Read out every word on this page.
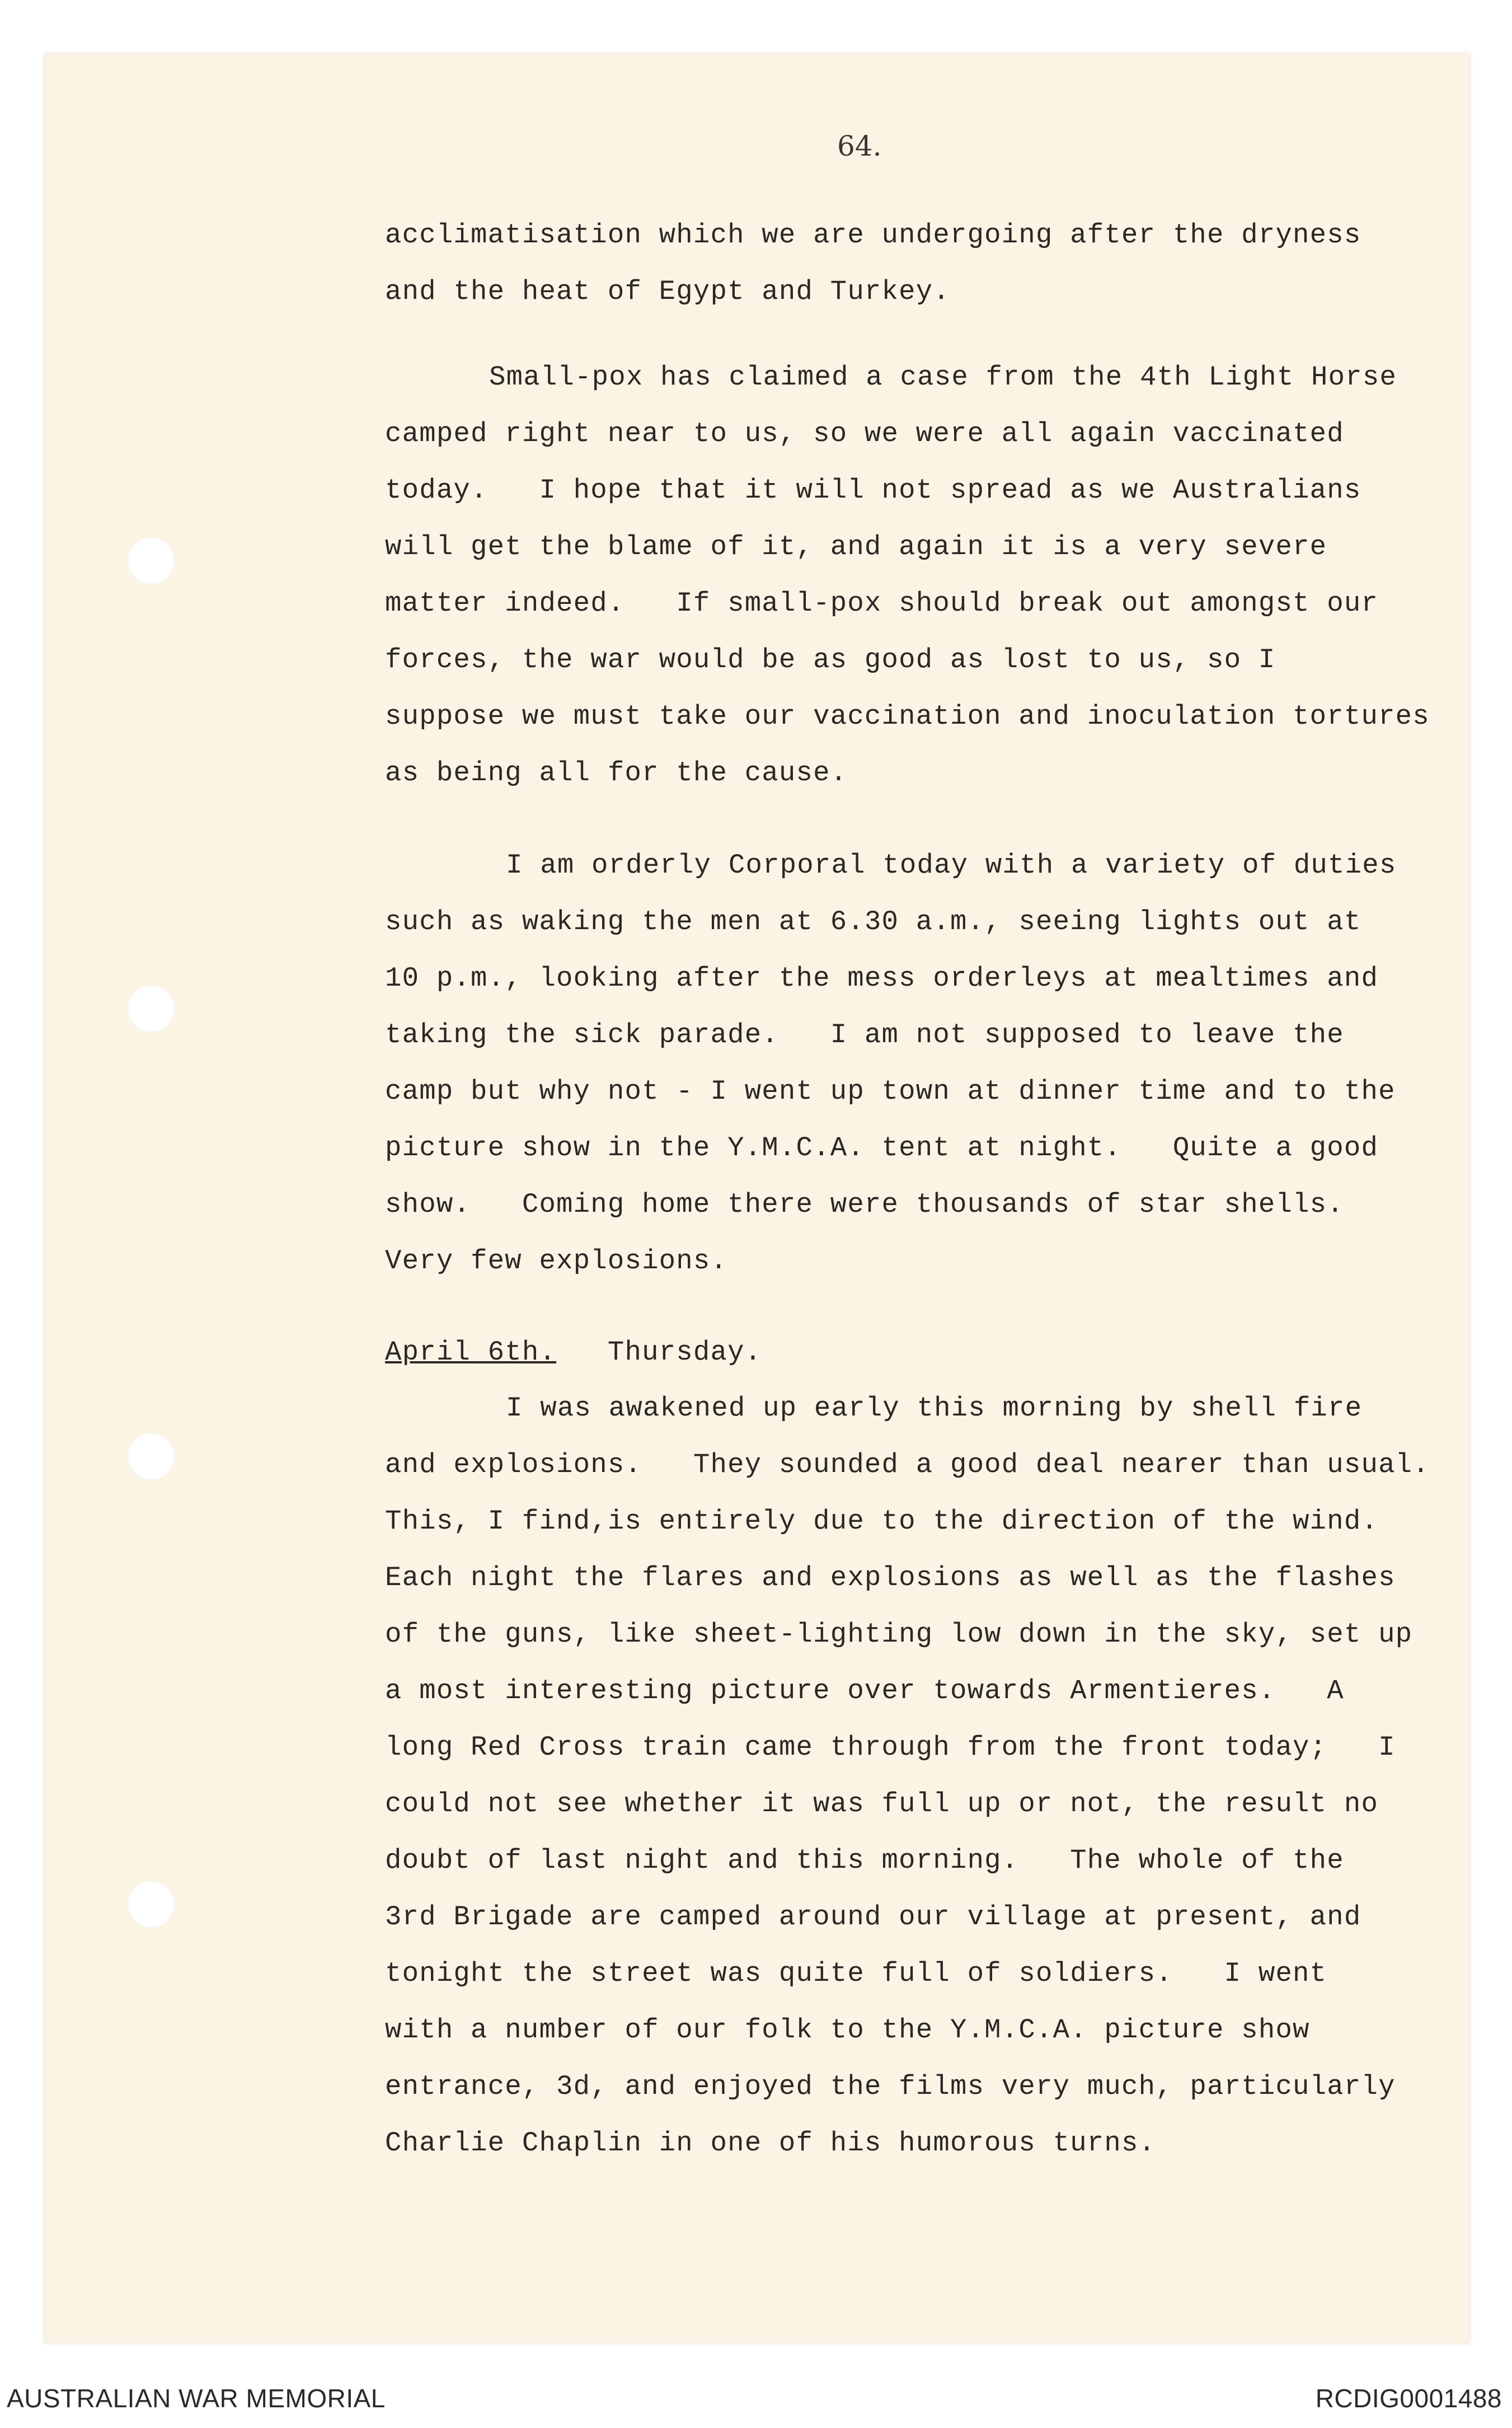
64.

acclimatisation which we are undergoing after the dryness
and the heat of Egypt and Turkey.
Small-pox has claimed a case from the 4th Light Horse
camped right near to us, so we were all again vaccinated
today.   I hope that it will not spread as we Australians
will get the blame of it, and again it is a very severe
matter indeed.   If small-pox should break out amongst our
forces, the war would be as good as lost to us, so I
suppose we must take our vaccination and inoculation tortures
as being all for the cause.
I am orderly Corporal today with a variety of duties
such as waking the men at 6.30 a.m., seeing lights out at
10 p.m., looking after the mess orderleys at mealtimes and
taking the sick parade.   I am not supposed to leave the
camp but why not - I went up town at dinner time and to the
picture show in the Y.M.C.A. tent at night.   Quite a good
show.   Coming home there were thousands of star shells.
Very few explosions.
April 6th. Thursday.
I was awakened up early this morning by shell fire
and explosions.   They sounded a good deal nearer than usual.
This, I find,is entirely due to the direction of the wind.
Each night the flares and explosions as well as the flashes
of the guns, like sheet-lighting low down in the sky, set up
a most interesting picture over towards Armentieres.   A
long Red Cross train came through from the front today;   I
could not see whether it was full up or not, the result no
doubt of last night and this morning.   The whole of the
3rd Brigade are camped around our village at present, and
tonight the street was quite full of soldiers.   I went
with a number of our folk to the Y.M.C.A. picture show
entrance, 3d, and enjoyed the films very much, particularly
Charlie Chaplin in one of his humorous turns.
AUSTRALIAN WAR MEMORIAL	RCDIG0001488
